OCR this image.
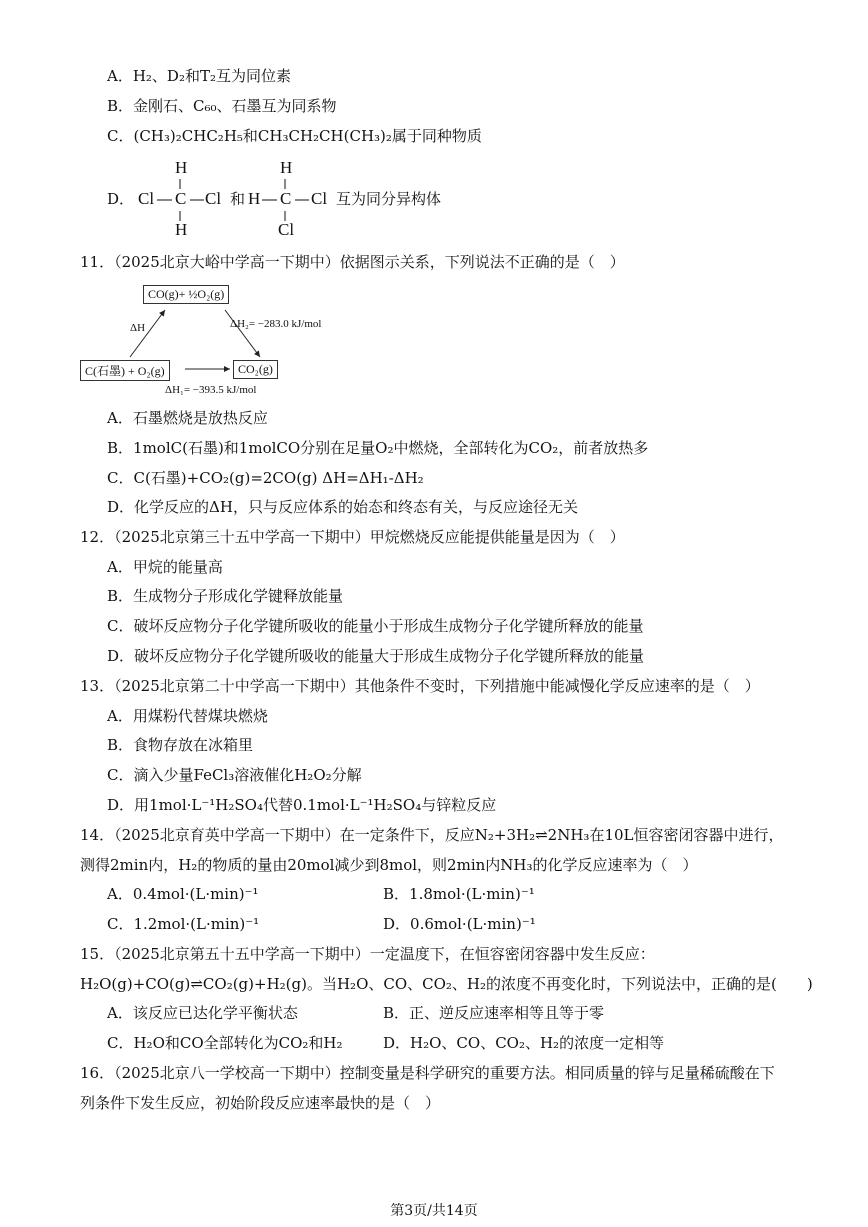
A．H₂、D₂和T₂互为同位素
B．金刚石、C₆₀、石墨互为同系物
C．(CH₃)₂CHC₂H₅和CH₃CH₂CH(CH₃)₂属于同种物质
D．
H
Cl C Cl
H
和
H
H C Cl
Cl
互为同分异构体
11．（2025北京大峪中学高一下期中）依据图示关系，下列说法不正确的是（　）
CO(g)+ ½O₂(g)
C(石墨) + O₂(g)	CO₂(g)
ΔH	ΔH₂= −283.0 kJ/mol
ΔH₁= −393.5 kJ/mol
A．石墨燃烧是放热反应
B．1molC(石墨)和1molCO分别在足量O₂中燃烧，全部转化为CO₂，前者放热多
C．C(石墨)+CO₂(g)=2CO(g) ΔH=ΔH₁-ΔH₂
D．化学反应的ΔH，只与反应体系的始态和终态有关，与反应途径无关
12．（2025北京第三十五中学高一下期中）甲烷燃烧反应能提供能量是因为（　）
A．甲烷的能量高
B．生成物分子形成化学键释放能量
C．破坏反应物分子化学键所吸收的能量小于形成生成物分子化学键所释放的能量
D．破坏反应物分子化学键所吸收的能量大于形成生成物分子化学键所释放的能量
13．（2025北京第二十中学高一下期中）其他条件不变时，下列措施中能减慢化学反应速率的是（　）
A．用煤粉代替煤块燃烧
B．食物存放在冰箱里
C．滴入少量FeCl₃溶液催化H₂O₂分解
D．用1mol·L⁻¹H₂SO₄代替0.1mol·L⁻¹H₂SO₄与锌粒反应
14．（2025北京育英中学高一下期中）在一定条件下，反应N₂+3H₂⇌2NH₃在10L恒容密闭容器中进行，
测得2min内，H₂的物质的量由20mol减少到8mol，则2min内NH₃的化学反应速率为（　）
A．0.4mol·(L·min)⁻¹	B．1.8mol·(L·min)⁻¹
C．1.2mol·(L·min)⁻¹	D．0.6mol·(L·min)⁻¹
15．（2025北京第五十五中学高一下期中）一定温度下，在恒容密闭容器中发生反应：
H₂O(g)+CO(g)⇌CO₂(g)+H₂(g)。当H₂O、CO、CO₂、H₂的浓度不再变化时，下列说法中，正确的是(　　)
A．该反应已达化学平衡状态	B．正、逆反应速率相等且等于零
C．H₂O和CO全部转化为CO₂和H₂	D．H₂O、CO、CO₂、H₂的浓度一定相等
16．（2025北京八一学校高一下期中）控制变量是科学研究的重要方法。相同质量的锌与足量稀硫酸在下
列条件下发生反应，初始阶段反应速率最快的是（　）
第3页/共14页
